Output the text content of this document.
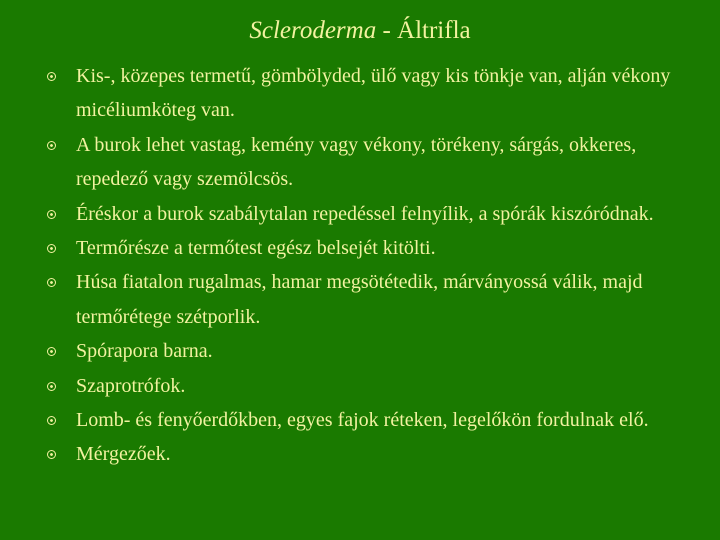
Scleroderma - Áltrifla
Kis-, közepes termetű, gömbölyded, ülő vagy kis tönkje van, alján vékony micéliumköteg van.
A burok lehet vastag, kemény vagy vékony, törékeny, sárgás, okkeres, repedező vagy szemölcsös.
Éréskor a burok szabálytalan repedéssel felnyílik, a spórák kiszóródnak.
Termőrésze a termőtest egész belsejét kitölti.
Húsa fiatalon rugalmas, hamar megsötétedik, márványossá válik, majd termőrétege szétporlik.
Spórapora barna.
Szaprotrófok.
Lomb- és fenyőerdőkben, egyes fajok réteken, legelőkön fordulnak elő.
Mérgezőek.
